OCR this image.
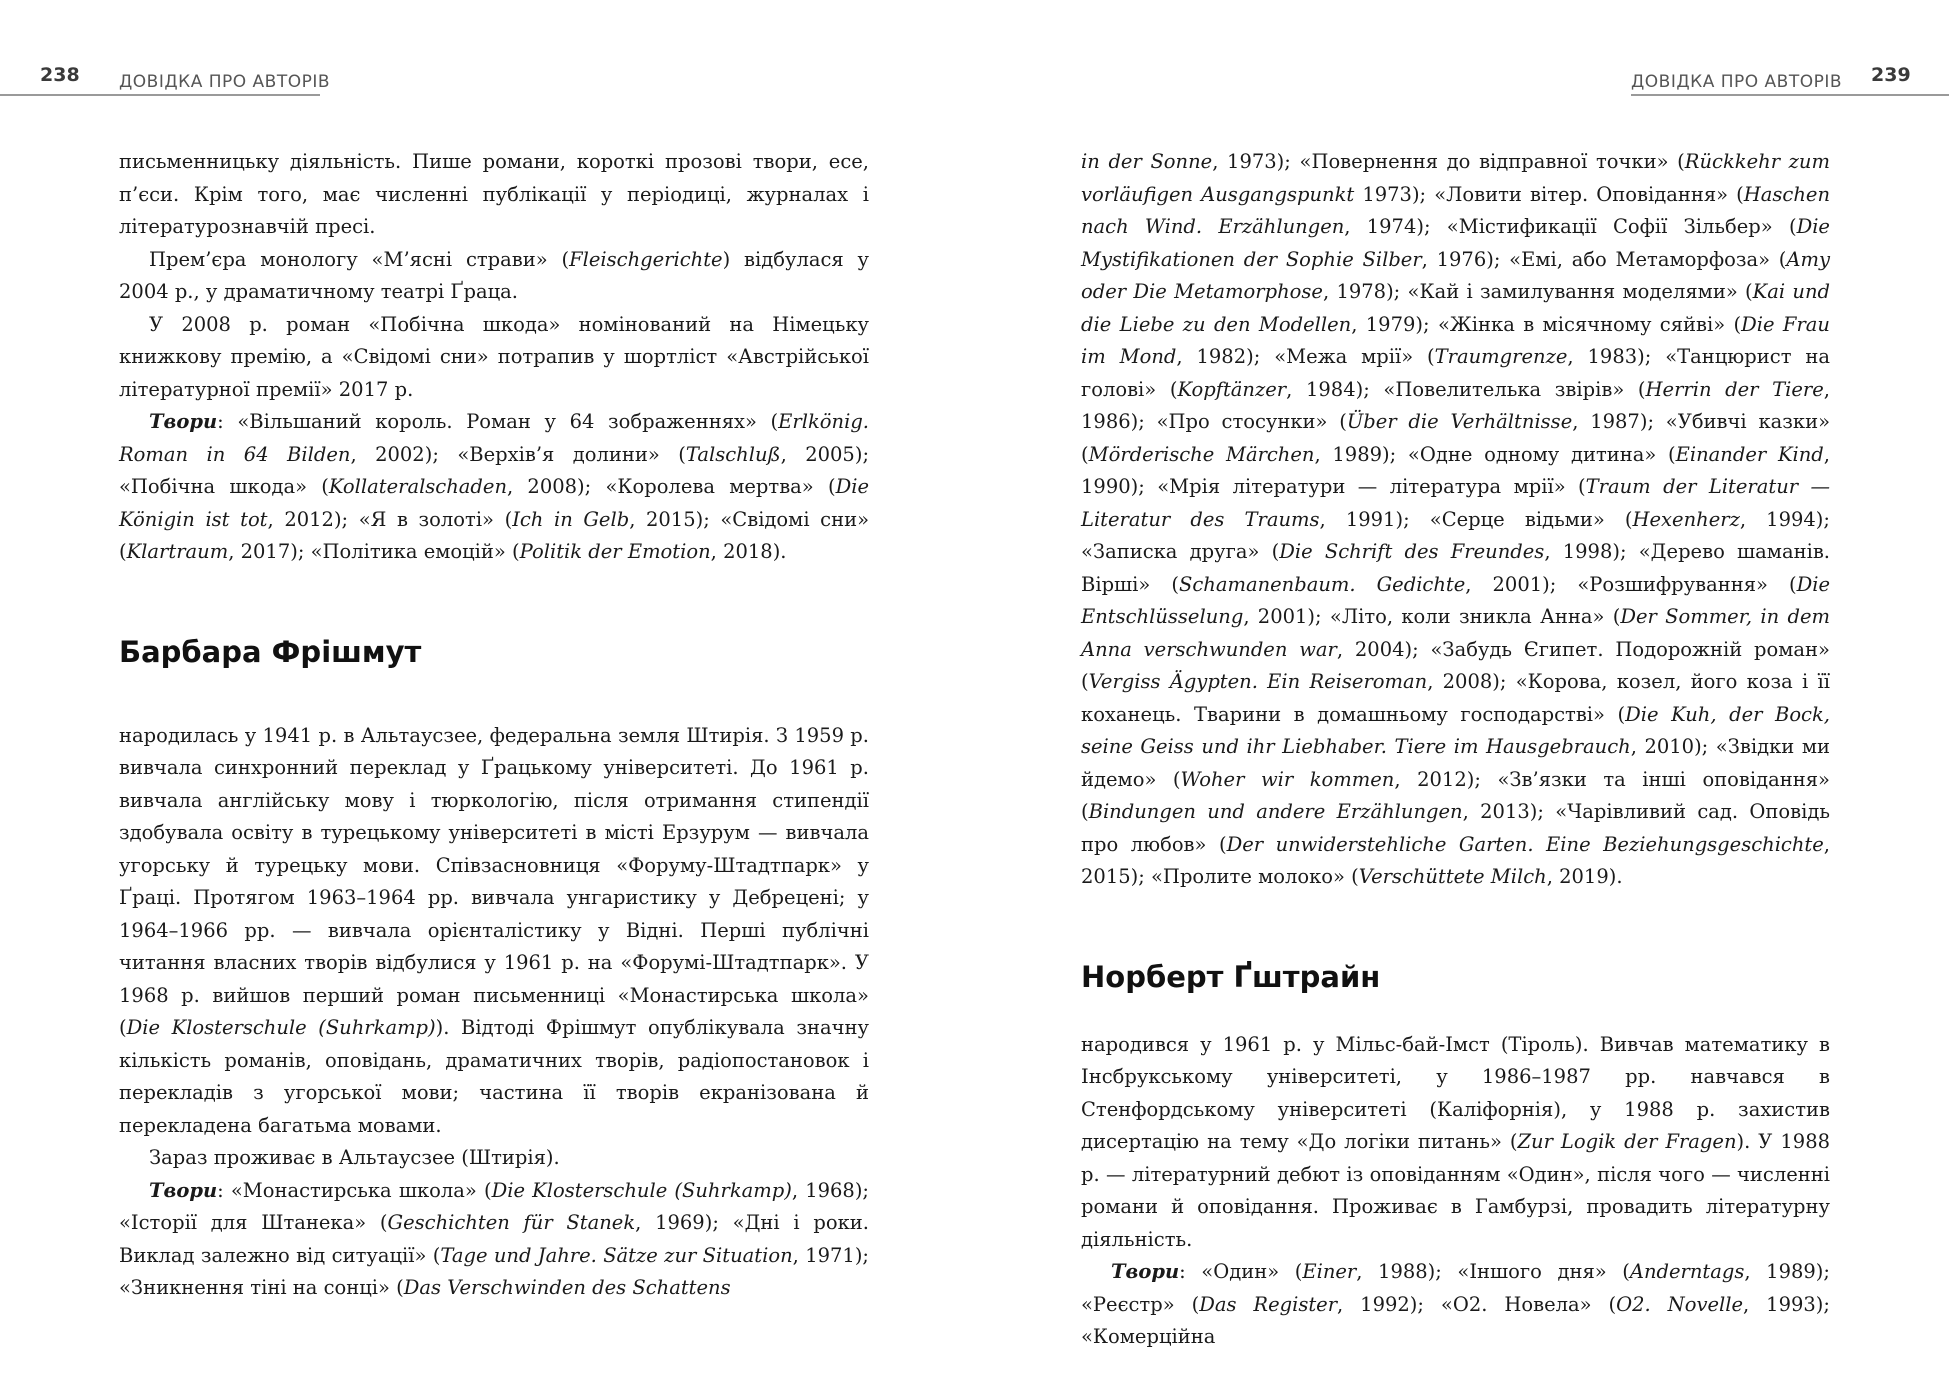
238 ДОВІДКА ПРО АВТОРІВ

письменницьку діяльність. Пише романи, короткі прозові твори, есе, п’єси. Крім того, має численні публікації у періодиці, журналах і літературознавчій пресі.

Прем’єра монологу «М’ясні страви» (Fleischgerichte) відбулася у 2004 р., у драматичному театрі Ґраца.

У 2008 р. роман «Побічна шкода» номінований на Німецьку книжкову премію, а «Свідомі сни» потрапив у шортліст «Австрійської літературної премії» 2017 р.

Твори: «Вільшаний король. Роман у 64 зображеннях» (Erlkönig. Roman in 64 Bilden, 2002); «Верхів’я долини» (Talschluß, 2005); «Побічна шкода» (Kollateralschaden, 2008); «Королева мертва» (Die Königin ist tot, 2012); «Я в золоті» (Ich in Gelb, 2015); «Свідомі сни» (Klartraum, 2017); «Політика емоцій» (Politik der Emotion, 2018).

Барбара Фрішмут

народилась у 1941 р. в Альтаусзее, федеральна земля Штирія. З 1959 р. вивчала синхронний переклад у Ґрацькому університеті. До 1961 р. вивчала англійську мову і тюркологію, після отримання стипендії здобувала освіту в турецькому університеті в місті Ерзурум — вивчала угорську й турецьку мови. Співзасновниця «Форуму-Штадтпарк» у Ґраці. Протягом 1963–1964 рр. вивчала унгаристику у Дебрецені; у 1964–1966 рр. — вивчала орієнталістику у Відні. Перші публічні читання власних творів відбулися у 1961 р. на «Форумі-Штадтпарк». У 1968 р. вийшов перший роман письменниці «Монастирська школа» (Die Klosterschule (Suhrkamp)). Відтоді Фрішмут опублікувала значну кількість романів, оповідань, драматичних творів, радіопостановок і перекладів з угорської мови; частина її творів екранізована й перекладена багатьма мовами.

Зараз проживає в Альтаусзее (Штирія).

Твори: «Монастирська школа» (Die Klosterschule (Suhrkamp), 1968); «Історії для Штанека» (Geschichten für Stanek, 1969); «Дні і роки. Виклад залежно від ситуації» (Tage und Jahre. Sätze zur Situation, 1971); «Зникнення тіні на сонці» (Das Verschwinden des Schattens

ДОВІДКА ПРО АВТОРІВ 239

in der Sonne, 1973); «Повернення до відправної точки» (Rückkehr zum vorläufigen Ausgangspunkt 1973); «Ловити вітер. Оповідання» (Haschen nach Wind. Erzählungen, 1974); «Містификації Софії Зільбер» (Die Mystifikationen der Sophie Silber, 1976); «Емі, або Метаморфоза» (Amy oder Die Metamorphose, 1978); «Кай і замилування моделями» (Kai und die Liebe zu den Modellen, 1979); «Жінка в місячному сяйві» (Die Frau im Mond, 1982); «Межа мрії» (Traumgrenze, 1983); «Танцюрист на голові» (Kopftänzer, 1984); «Повелителька звірів» (Herrin der Tiere, 1986); «Про стосунки» (Über die Verhältnisse, 1987); «Убивчі казки» (Mörderische Märchen, 1989); «Одне одному дитина» (Einander Kind, 1990); «Мрія літератури — література мрії» (Traum der Literatur — Literatur des Traums, 1991); «Серце відьми» (Hexenherz, 1994); «Записка друга» (Die Schrift des Freundes, 1998); «Дерево шаманів. Вірші» (Schamanenbaum. Gedichte, 2001); «Розшифрування» (Die Entschlüsselung, 2001); «Літо, коли зникла Анна» (Der Sommer, in dem Anna verschwunden war, 2004); «Забудь Єгипет. Подорожній роман» (Vergiss Ägypten. Ein Reiseroman, 2008); «Корова, козел, його коза і її коханець. Тварини в домашньому господарстві» (Die Kuh, der Bock, seine Geiss und ihr Liebhaber. Tiere im Hausgebrauch, 2010); «Звідки ми йдемо» (Woher wir kommen, 2012); «Зв’язки та інші оповідання» (Bindungen und andere Erzählungen, 2013); «Чарівливий сад. Оповідь про любов» (Der unwiderstehliche Garten. Eine Beziehungsgeschichte, 2015); «Пролите молоко» (Verschüttete Milch, 2019).

Норберт Ґштрайн

народився у 1961 р. у Мільс-бай-Імст (Тіроль). Вивчав математику в Інсбрукському університеті, у 1986–1987 рр. навчався в Стенфордському університеті (Каліфорнія), у 1988 р. захистив дисертацію на тему «До логіки питань» (Zur Logik der Fragen). У 1988 р. — літературний дебют із оповіданням «Один», після чого — численні романи й оповідання. Проживає в Гамбурзі, провадить літературну діяльність.

Твори: «Один» (Einer, 1988); «Іншого дня» (Anderntags, 1989); «Реєстр» (Das Register, 1992); «О2. Новела» (O2. Novelle, 1993); «Комерційна
